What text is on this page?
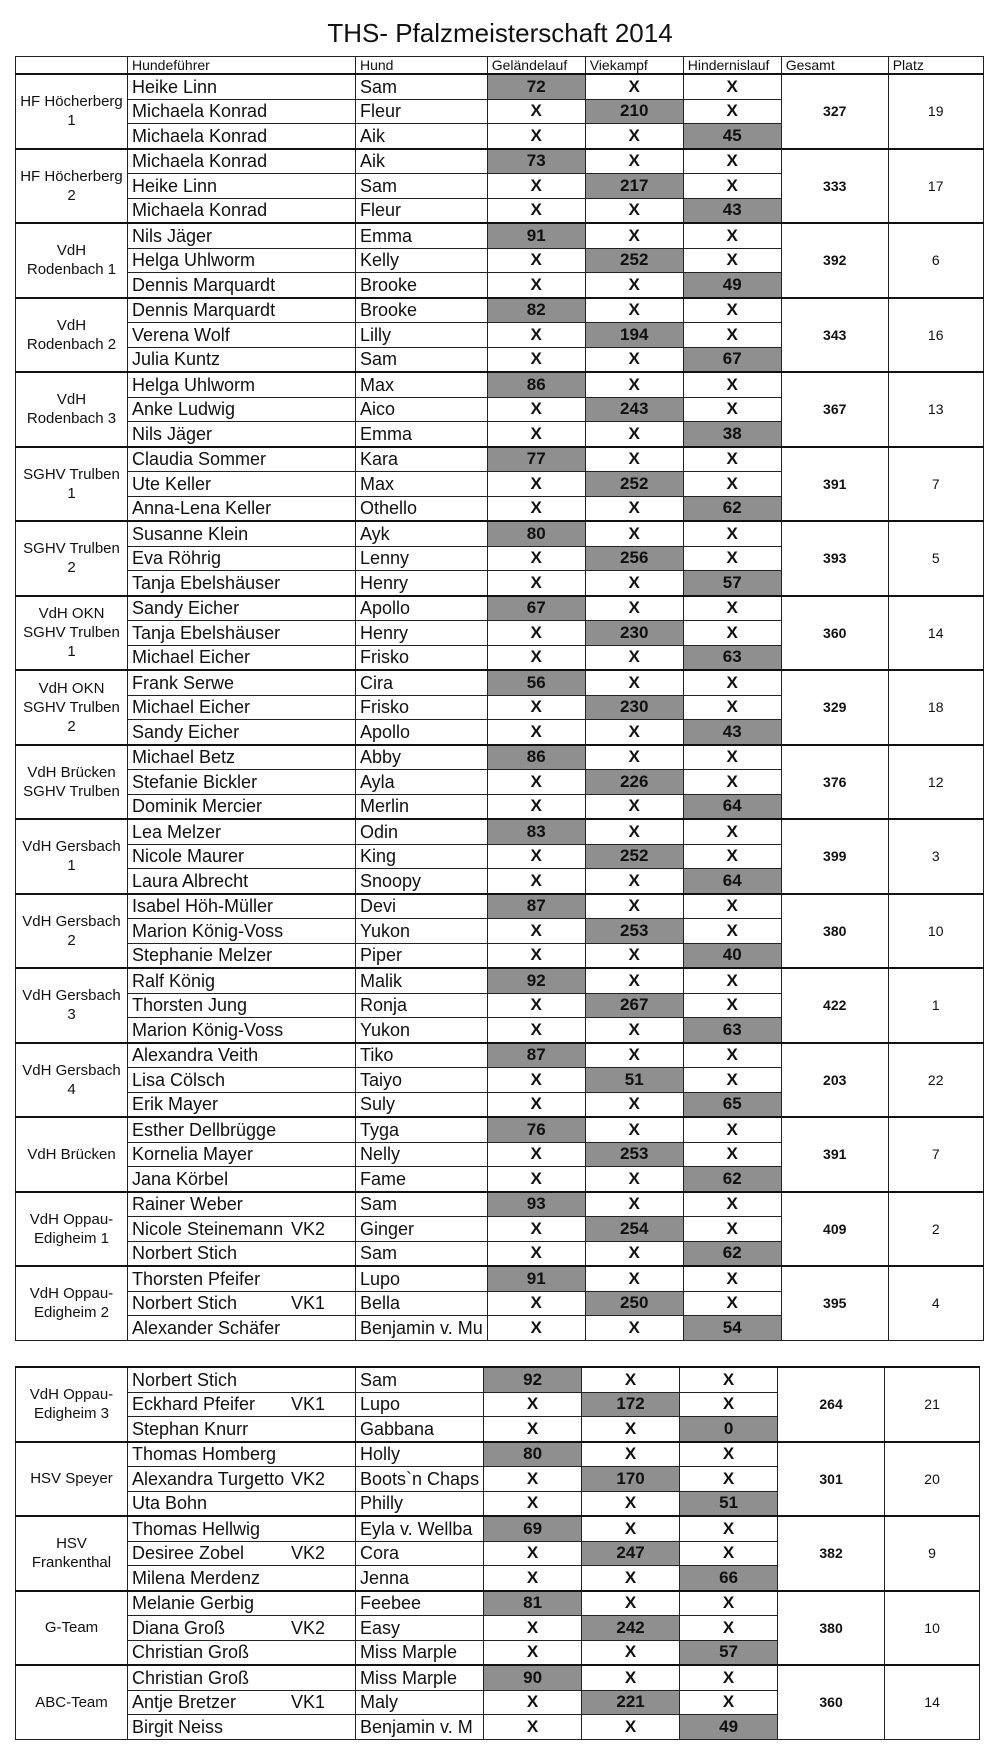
THS- Pfalzmeisterschaft 2014
	Hundeführer	Hund	Geländelauf	Viekampf	Hindernislauf	Gesamt	Platz
HF Höcherberg 1	Heike Linn	Sam	72	X	X	327	19
	Michaela Konrad	Fleur	X	210	X		
	Michaela Konrad	Aik	X	X	45		
HF Höcherberg 2	Michaela Konrad	Aik	73	X	X	333	17
	Heike Linn	Sam	X	217	X		
	Michaela Konrad	Fleur	X	X	43		
VdH Rodenbach 1	Nils Jäger	Emma	91	X	X	392	6
	Helga Uhlworm	Kelly	X	252	X		
	Dennis Marquardt	Brooke	X	X	49		
VdH Rodenbach 2	Dennis Marquardt	Brooke	82	X	X	343	16
	Verena Wolf	Lilly	X	194	X		
	Julia Kuntz	Sam	X	X	67		
VdH Rodenbach 3	Helga Uhlworm	Max	86	X	X	367	13
	Anke Ludwig	Aico	X	243	X		
	Nils Jäger	Emma	X	X	38		
SGHV Trulben 1	Claudia Sommer	Kara	77	X	X	391	7
	Ute Keller	Max	X	252	X		
	Anna-Lena Keller	Othello	X	X	62		
SGHV Trulben 2	Susanne Klein	Ayk	80	X	X	393	5
	Eva Röhrig	Lenny	X	256	X		
	Tanja Ebelshäuser	Henry	X	X	57		
VdH OKN SGHV Trulben 1	Sandy Eicher	Apollo	67	X	X	360	14
	Tanja Ebelshäuser	Henry	X	230	X		
	Michael Eicher	Frisko	X	X	63		
VdH OKN SGHV Trulben 2	Frank Serwe	Cira	56	X	X	329	18
	Michael Eicher	Frisko	X	230	X		
	Sandy Eicher	Apollo	X	X	43		
VdH Brücken SGHV Trulben	Michael Betz	Abby	86	X	X	376	12
	Stefanie Bickler	Ayla	X	226	X		
	Dominik Mercier	Merlin	X	X	64		
VdH Gersbach 1	Lea Melzer	Odin	83	X	X	399	3
	Nicole Maurer	King	X	252	X		
	Laura Albrecht	Snoopy	X	X	64		
VdH Gersbach 2	Isabel Höh-Müller	Devi	87	X	X	380	10
	Marion König-Voss	Yukon	X	253	X		
	Stephanie Melzer	Piper	X	X	40		
VdH Gersbach 3	Ralf König	Malik	92	X	X	422	1
	Thorsten Jung	Ronja	X	267	X		
	Marion König-Voss	Yukon	X	X	63		
VdH Gersbach 4	Alexandra Veith	Tiko	87	X	X	203	22
	Lisa Cölsch	Taiyo	X	51	X		
	Erik Mayer	Suly	X	X	65		
VdH Brücken	Esther Dellbrügge	Tyga	76	X	X	391	7
	Kornelia Mayer	Nelly	X	253	X		
	Jana Körbel	Fame	X	X	62		
VdH Oppau-Edigheim 1	Rainer Weber	Sam	93	X	X	409	2
	Nicole Steinemann VK2	Ginger	X	254	X		
	Norbert Stich	Sam	X	X	62		
VdH Oppau-Edigheim 2	Thorsten Pfeifer	Lupo	91	X	X	395	4
	Norbert Stich VK1	Bella	X	250	X		
	Alexander Schäfer	Benjamin v. Mu	X	X	54		
VdH Oppau-Edigheim 3	Norbert Stich	Sam	92	X	X	264	21
	Eckhard Pfeifer VK1	Lupo	X	172	X		
	Stephan Knurr	Gabbana	X	X	0		
HSV Speyer	Thomas Homberg	Holly	80	X	X	301	20
	Alexandra Turgetto VK2	Boots`n Chaps	X	170	X		
	Uta Bohn	Philly	X	X	51		
HSV Frankenthal	Thomas Hellwig	Eyla v. Wellba	69	X	X	382	9
	Desiree Zobel VK2	Cora	X	247	X		
	Milena Merdenz	Jenna	X	X	66		
G-Team	Melanie Gerbig	Feebee	81	X	X	380	10
	Diana Groß VK2	Easy	X	242	X		
	Christian Groß	Miss Marple	X	X	57		
ABC-Team	Christian Groß	Miss Marple	90	X	X	360	14
	Antje Bretzer VK1	Maly	X	221	X		
	Birgit Neiss	Benjamin v. M	X	X	49		
